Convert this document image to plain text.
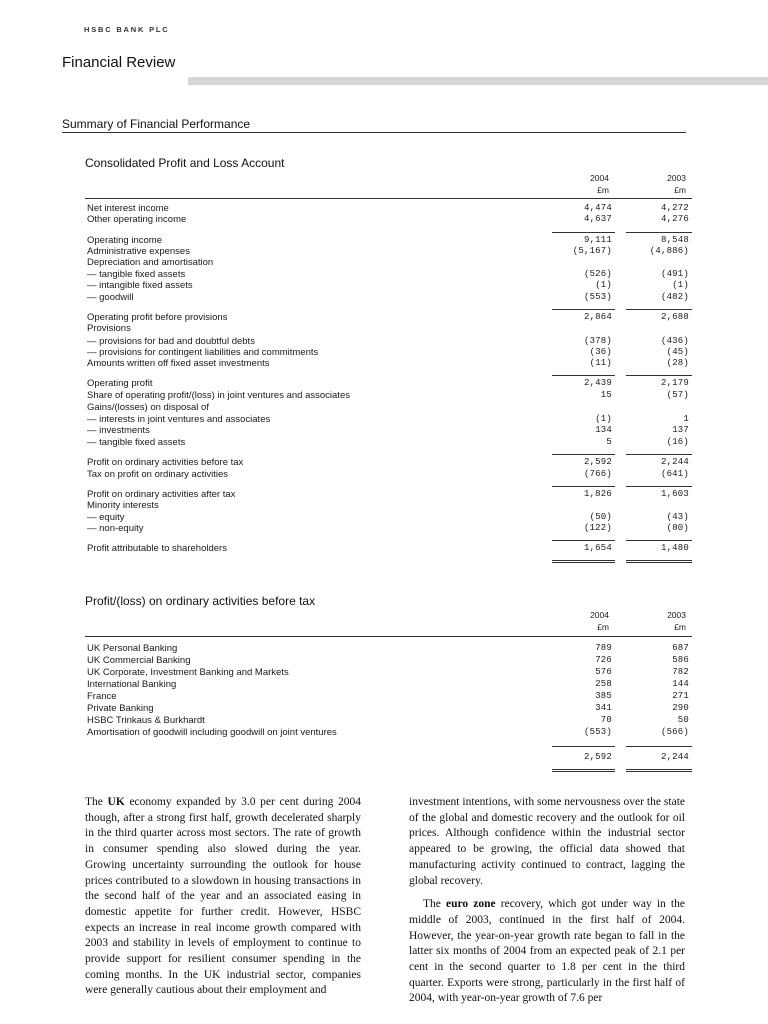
HSBC BANK PLC
Financial Review
Summary of Financial Performance
Consolidated Profit and Loss Account
2004
£m
2003
£m
Net interest income	4,474	4,272
Other operating income	4,637	4,276
Operating income	9,111	8,548
Administrative expenses	(5,167)	(4,886)
Depreciation and amortisation
— tangible fixed assets	(526)	(491)
— intangible fixed assets	(1)	(1)
— goodwill	(553)	(482)
Operating profit before provisions	2,864	2,688
Provisions
— provisions for bad and doubtful debts	(378)	(436)
— provisions for contingent liabilities and commitments	(36)	(45)
Amounts written off fixed asset investments	(11)	(28)
Operating profit	2,439	2,179
Share of operating profit/(loss) in joint ventures and associates	15	(57)
Gains/(losses) on disposal of
— interests in joint ventures and associates	(1)	1
— investments	134	137
— tangible fixed assets	5	(16)
Profit on ordinary activities before tax	2,592	2,244
Tax on profit on ordinary activities	(766)	(641)
Profit on ordinary activities after tax	1,826	1,603
Minority interests
— equity	(50)	(43)
— non-equity	(122)	(80)
Profit attributable to shareholders	1,654	1,480
Profit/(loss) on ordinary activities before tax
2004
£m
2003
£m
UK Personal Banking	789	687
UK Commercial Banking	726	586
UK Corporate, Investment Banking and Markets	576	782
International Banking	258	144
France	385	271
Private Banking	341	290
HSBC Trinkaus & Burkhardt	70	50
Amortisation of goodwill including goodwill on joint ventures	(553)	(566)
2,592	2,244

The UK economy expanded by 3.0 per cent during 2004 though, after a strong first half, growth decelerated sharply in the third quarter across most sectors. The rate of growth in consumer spending also slowed during the year. Growing uncertainty surrounding the outlook for house prices contributed to a slowdown in housing transactions in the second half of the year and an associated easing in domestic appetite for further credit. However, HSBC expects an increase in real income growth compared with 2003 and stability in levels of employment to continue to provide support for resilient consumer spending in the coming months. In the UK industrial sector, companies were generally cautious about their employment and

investment intentions, with some nervousness over the state of the global and domestic recovery and the outlook for oil prices. Although confidence within the industrial sector appeared to be growing, the official data showed that manufacturing activity continued to contract, lagging the global recovery.

The euro zone recovery, which got under way in the middle of 2003, continued in the first half of 2004. However, the year-on-year growth rate began to fall in the latter six months of 2004 from an expected peak of 2.1 per cent in the second quarter to 1.8 per cent in the third quarter. Exports were strong, particularly in the first half of 2004, with year-on-year growth of 7.6 per
